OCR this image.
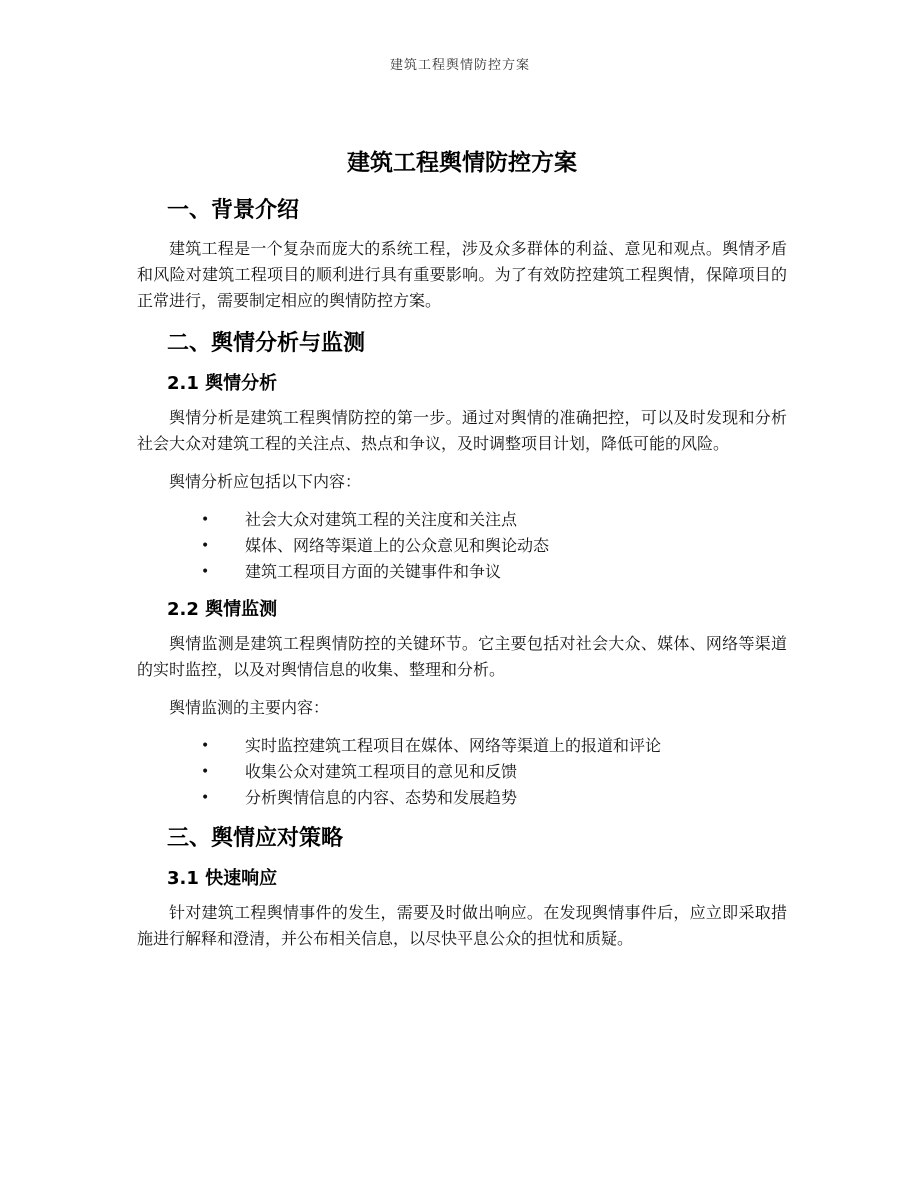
建筑工程舆情防控方案
建筑工程舆情防控方案
一、背景介绍

建筑工程是一个复杂而庞大的系统工程，涉及众多群体的利益、意见和观点。舆情矛盾和风险对建筑工程项目的顺利进行具有重要影响。为了有效防控建筑工程舆情，保障项目的正常进行，需要制定相应的舆情防控方案。

二、舆情分析与监测
2.1 舆情分析

舆情分析是建筑工程舆情防控的第一步。通过对舆情的准确把控，可以及时发现和分析社会大众对建筑工程的关注点、热点和争议，及时调整项目计划，降低可能的风险。

舆情分析应包括以下内容：

• 社会大众对建筑工程的关注度和关注点
• 媒体、网络等渠道上的公众意见和舆论动态
• 建筑工程项目方面的关键事件和争议
2.2 舆情监测

舆情监测是建筑工程舆情防控的关键环节。它主要包括对社会大众、媒体、网络等渠道的实时监控，以及对舆情信息的收集、整理和分析。

舆情监测的主要内容：

• 实时监控建筑工程项目在媒体、网络等渠道上的报道和评论
• 收集公众对建筑工程项目的意见和反馈
• 分析舆情信息的内容、态势和发展趋势
三、舆情应对策略
3.1 快速响应

针对建筑工程舆情事件的发生，需要及时做出响应。在发现舆情事件后，应立即采取措施进行解释和澄清，并公布相关信息，以尽快平息公众的担忧和质疑。
